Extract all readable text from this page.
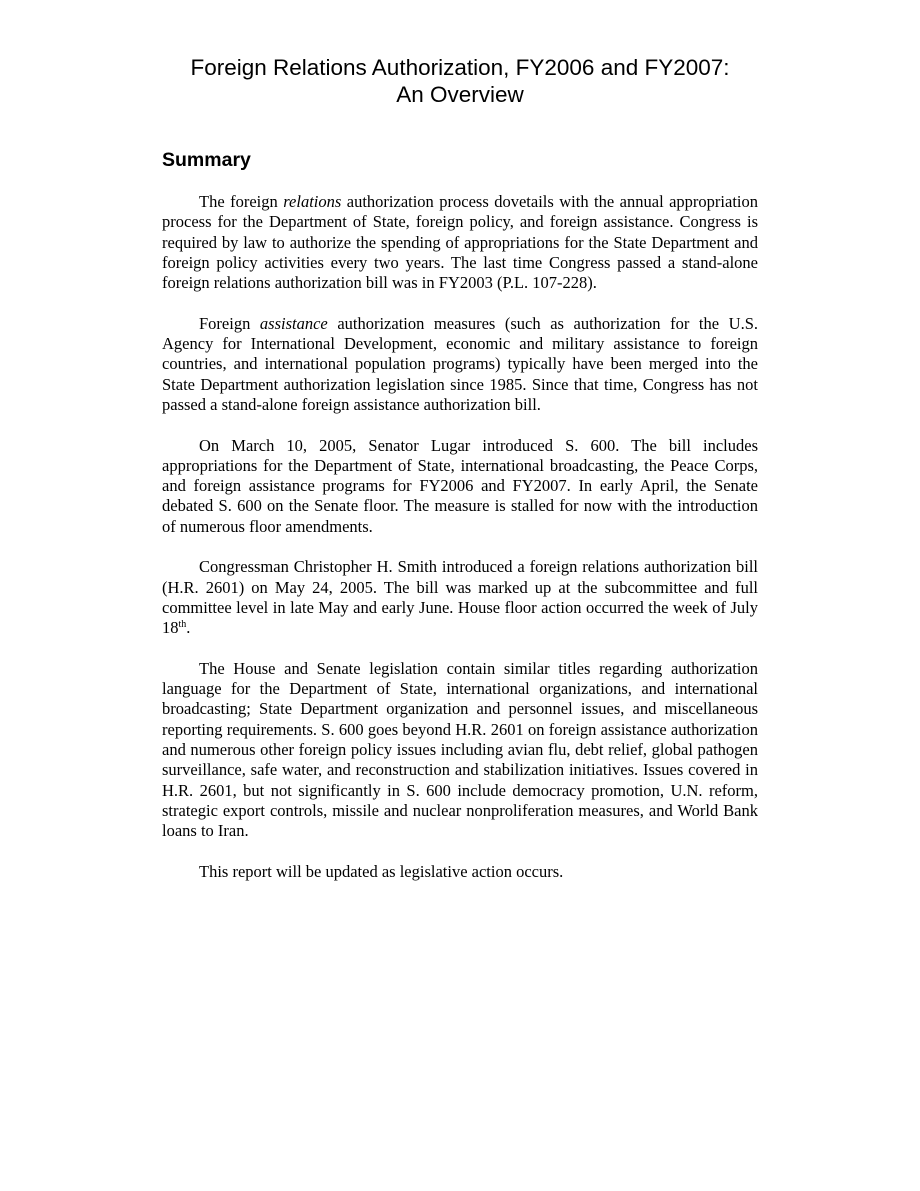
Foreign Relations Authorization, FY2006 and FY2007:
An Overview
Summary

The foreign relations authorization process dovetails with the annual appropriation process for the Department of State, foreign policy, and foreign assistance. Congress is required by law to authorize the spending of appropriations for the State Department and foreign policy activities every two years. The last time Congress passed a stand-alone foreign relations authorization bill was in FY2003 (P.L. 107-228).

Foreign assistance authorization measures (such as authorization for the U.S. Agency for International Development, economic and military assistance to foreign countries, and international population programs) typically have been merged into the State Department authorization legislation since 1985. Since that time, Congress has not passed a stand-alone foreign assistance authorization bill.

On March 10, 2005, Senator Lugar introduced S. 600. The bill includes appropriations for the Department of State, international broadcasting, the Peace Corps, and foreign assistance programs for FY2006 and FY2007. In early April, the Senate debated S. 600 on the Senate floor. The measure is stalled for now with the introduction of numerous floor amendments.

Congressman Christopher H. Smith introduced a foreign relations authorization bill (H.R. 2601) on May 24, 2005. The bill was marked up at the subcommittee and full committee level in late May and early June. House floor action occurred the week of July 18th.

The House and Senate legislation contain similar titles regarding authorization language for the Department of State, international organizations, and international broadcasting; State Department organization and personnel issues, and miscellaneous reporting requirements. S. 600 goes beyond H.R. 2601 on foreign assistance authorization and numerous other foreign policy issues including avian flu, debt relief, global pathogen surveillance, safe water, and reconstruction and stabilization initiatives. Issues covered in H.R. 2601, but not significantly in S. 600 include democracy promotion, U.N. reform, strategic export controls, missile and nuclear nonproliferation measures, and World Bank loans to Iran.

This report will be updated as legislative action occurs.
